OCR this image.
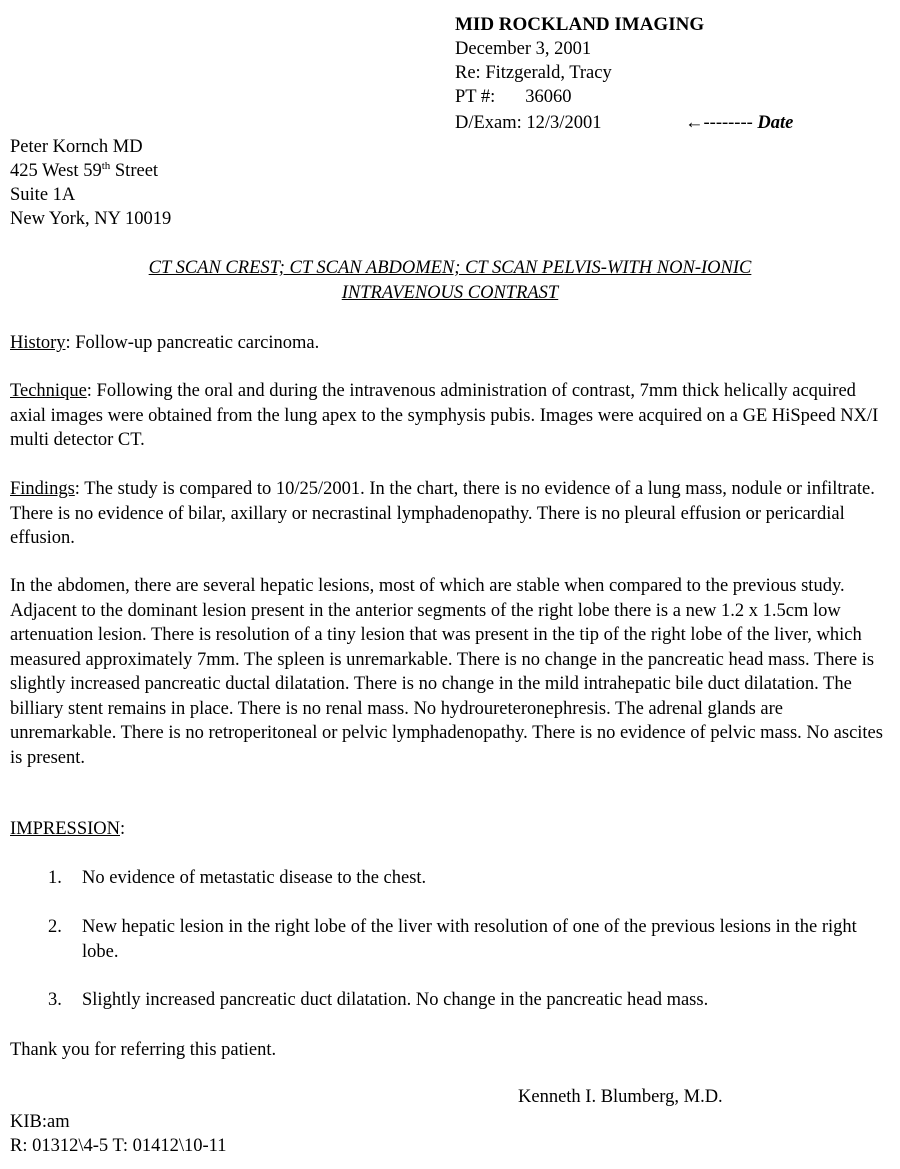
MID ROCKLAND IMAGING
December 3, 2001
Re: Fitzgerald, Tracy
PT #: 36060
D/Exam: 12/3/2001	←-------- Date
Peter Kornch MD
425 West 59th Street
Suite 1A
New York, NY 10019
CT SCAN CREST; CT SCAN ABDOMEN; CT SCAN PELVIS-WITH NON-IONIC
INTRAVENOUS CONTRAST
History: Follow-up pancreatic carcinoma.
Technique: Following the oral and during the intravenous administration of contrast, 7mm thick helically acquired axial images were obtained from the lung apex to the symphysis pubis. Images were acquired on a GE HiSpeed NX/I multi detector CT.
Findings: The study is compared to 10/25/2001. In the chart, there is no evidence of a lung mass, nodule or infiltrate. There is no evidence of bilar, axillary or necrastinal lymphadenopathy. There is no pleural effusion or pericardial effusion.
In the abdomen, there are several hepatic lesions, most of which are stable when compared to the previous study. Adjacent to the dominant lesion present in the anterior segments of the right lobe there is a new 1.2 x 1.5cm low artenuation lesion. There is resolution of a tiny lesion that was present in the tip of the right lobe of the liver, which measured approximately 7mm. The spleen is unremarkable. There is no change in the pancreatic head mass. There is slightly increased pancreatic ductal dilatation. There is no change in the mild intrahepatic bile duct dilatation. The billiary stent remains in place. There is no renal mass. No hydroureteronephresis. The adrenal glands are unremarkable. There is no retroperitoneal or pelvic lymphadenopathy. There is no evidence of pelvic mass. No ascites is present.
IMPRESSION:
1.	No evidence of metastatic disease to the chest.
2.	New hepatic lesion in the right lobe of the liver with resolution of one of the previous lesions in the right lobe.
3.	Slightly increased pancreatic duct dilatation. No change in the pancreatic head mass.
Thank you for referring this patient.
Kenneth I. Blumberg, M.D.
KIB:am
R: 01312\4-5 T: 01412\10-11
